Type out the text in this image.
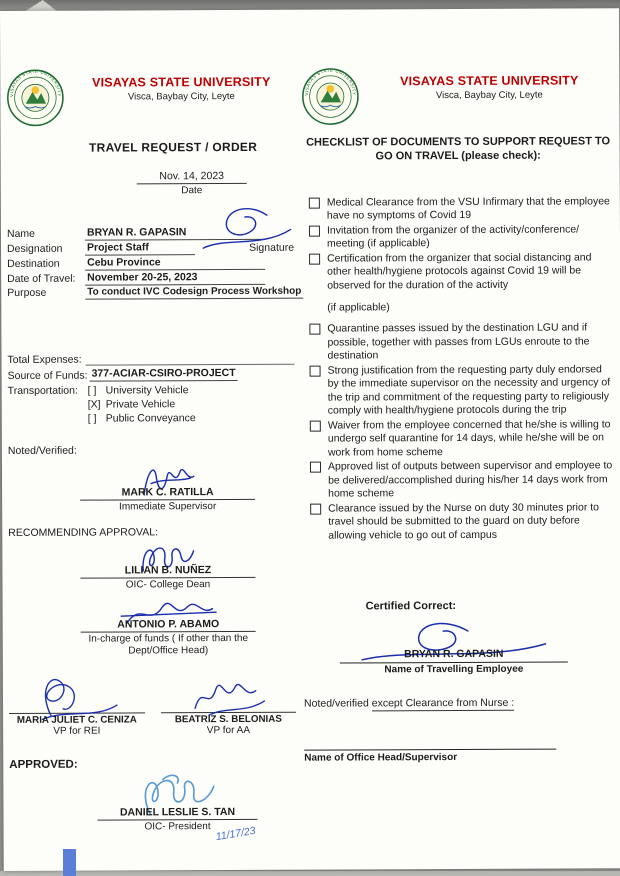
VISAYAS STATE UNIVERSITY
VISAYAS STATE UNIVERSITY
Visca, Baybay City, Leyte
TRAVEL REQUEST / ORDER
Nov. 14, 2023
Date
Name	BRYAN R. GAPASIN
Designation	Project Staff	Signature
Destination	Cebu Province
Date of Travel:	November 20-25, 2023
Purpose	To conduct IVC Codesign Process Workshop
Total Expenses:
Source of Funds: 377-ACIAR-CSIRO-PROJECT
Transportation: [ ] University Vehicle
[X] Private Vehicle
[ ] Public Conveyance
Noted/Verified:
MARK C. RATILLA
Immediate Supervisor
RECOMMENDING APPROVAL:
LILIAN B. NUÑEZ
OIC- College Dean
ANTONIO P. ABAMO
In-charge of funds ( If other than the Dept/Office Head)
MARIA JULIET C. CENIZA
VP for REI
BEATRIZ S. BELONIAS
VP for AA
APPROVED:
DANIEL LESLIE S. TAN
OIC- President 11/17/23
VISAYAS STATE UNIVERSITY
VISAYAS STATE UNIVERSITY
Visca, Baybay City, Leyte
CHECKLIST OF DOCUMENTS TO SUPPORT REQUEST TO GO ON TRAVEL (please check):
Medical Clearance from the VSU Infirmary that the employee have no symptoms of Covid 19
Invitation from the organizer of the activity/conference/ meeting (if applicable)
Certification from the organizer that social distancing and other health/hygiene protocols against Covid 19 will be observed for the duration of the activity
(if applicable)
Quarantine passes issued by the destination LGU and if possible, together with passes from LGUs enroute to the destination
Strong justification from the requesting party duly endorsed by the immediate supervisor on the necessity and urgency of the trip and commitment of the requesting party to religiously comply with health/hygiene protocols during the trip
Waiver from the employee concerned that he/she is willing to undergo self quarantine for 14 days, while he/she will be on work from home scheme
Approved list of outputs between supervisor and employee to be delivered/accomplished during his/her 14 days work from home scheme
Clearance issued by the Nurse on duty 30 minutes prior to travel should be submitted to the guard on duty before allowing vehicle to go out of campus
Certified Correct:
BRYAN R. GAPASIN
Name of Travelling Employee
Noted/verified except Clearance from Nurse :
Name of Office Head/Supervisor
